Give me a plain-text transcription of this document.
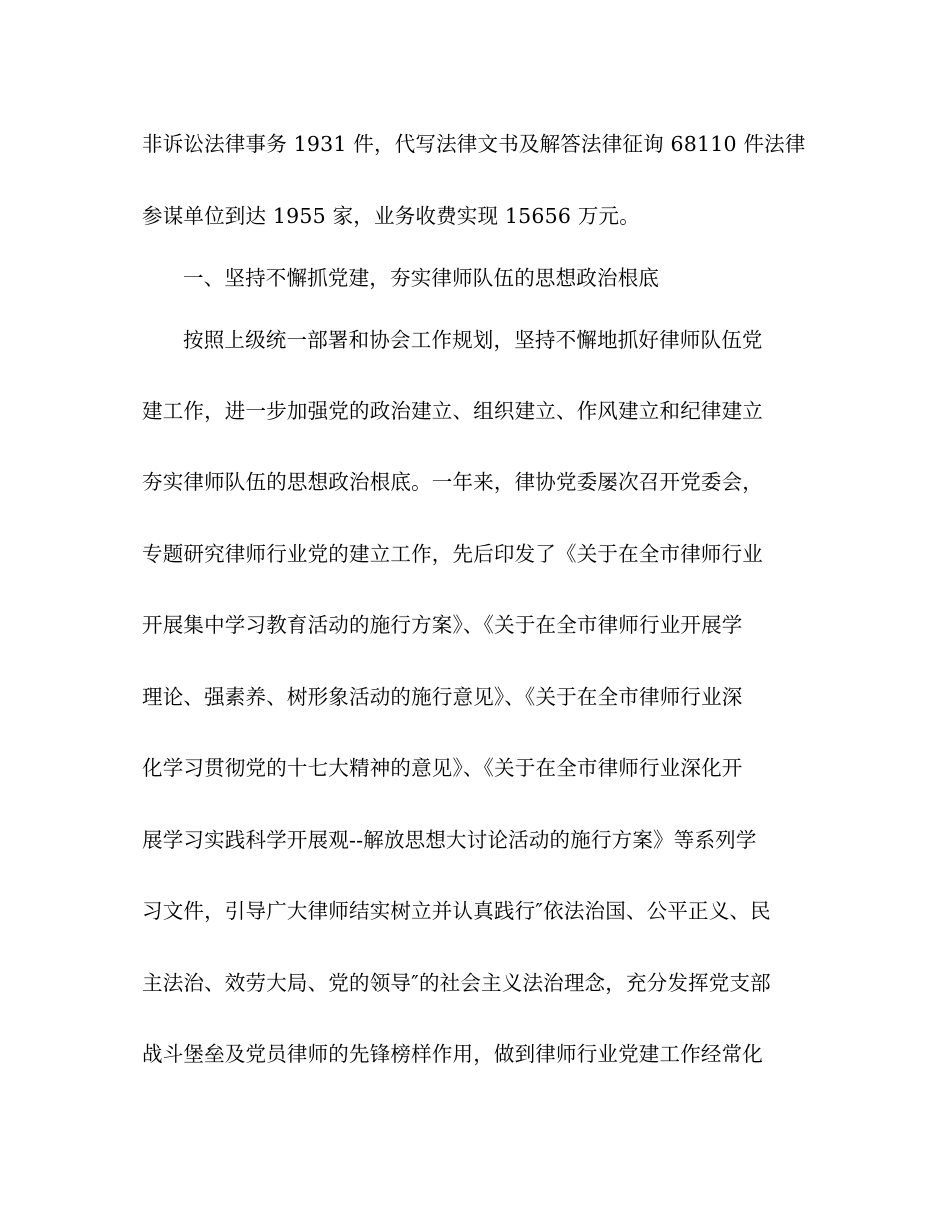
非诉讼法律事务 1931 件，代写法律文书及解答法律征询 68110 件法律
参谋单位到达 1955 家，业务收费实现 15656 万元。
一、坚持不懈抓党建，夯实律师队伍的思想政治根底
按照上级统一部署和协会工作规划，坚持不懈地抓好律师队伍党
建工作，进一步加强党的政治建立、组织建立、作风建立和纪律建立
夯实律师队伍的思想政治根底。一年来，律协党委屡次召开党委会，
专题研究律师行业党的建立工作，先后印发了《关于在全市律师行业
开展集中学习教育活动的施行方案》、《关于在全市律师行业开展学
理论、强素养、树形象活动的施行意见》、《关于在全市律师行业深
化学习贯彻党的十七大精神的意见》、《关于在全市律师行业深化开
展学习实践科学开展观--解放思想大讨论活动的施行方案》等系列学
习文件，引导广大律师结实树立并认真践行″依法治国、公平正义、民
主法治、效劳大局、党的领导″的社会主义法治理念，充分发挥党支部
战斗堡垒及党员律师的先锋榜样作用，做到律师行业党建工作经常化
